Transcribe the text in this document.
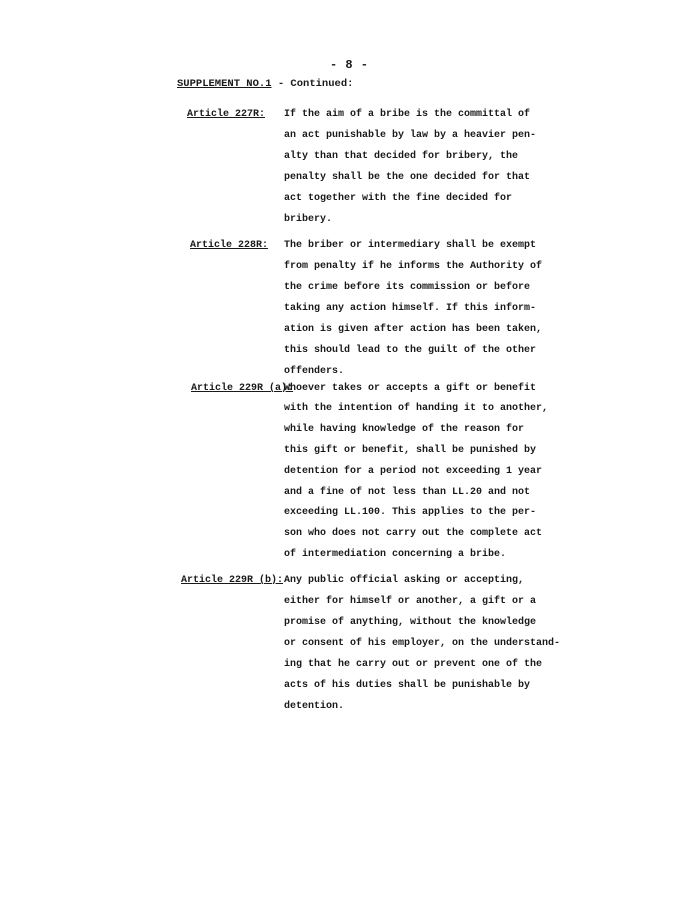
- 8 -
SUPPLEMENT NO.1 - Continued:
Article 227R: If the aim of a bribe is the committal of
an act punishable by law by a heavier pen-
alty than that decided for bribery, the
penalty shall be the one decided for that
act together with the fine decided for
bribery.
Article 228R: The briber or intermediary shall be exempt
from penalty if he informs the Authority of
the crime before its commission or before
taking any action himself. If this inform-
ation is given after action has been taken,
this should lead to the guilt of the other
offenders.
Article 229R (a):
Whoever takes or accepts a gift or benefit
with the intention of handing it to another,
while having knowledge of the reason for
this gift or benefit, shall be punished by
detention for a period not exceeding 1 year
and a fine of not less than LL.20 and not
exceeding LL.100. This applies to the per-
son who does not carry out the complete act
of intermediation concerning a bribe.
Article 229R (b): Any public official asking or accepting,
either for himself or another, a gift or a
promise of anything, without the knowledge
or consent of his employer, on the understand-
ing that he carry out or prevent one of the
acts of his duties shall be punishable by
detention.
